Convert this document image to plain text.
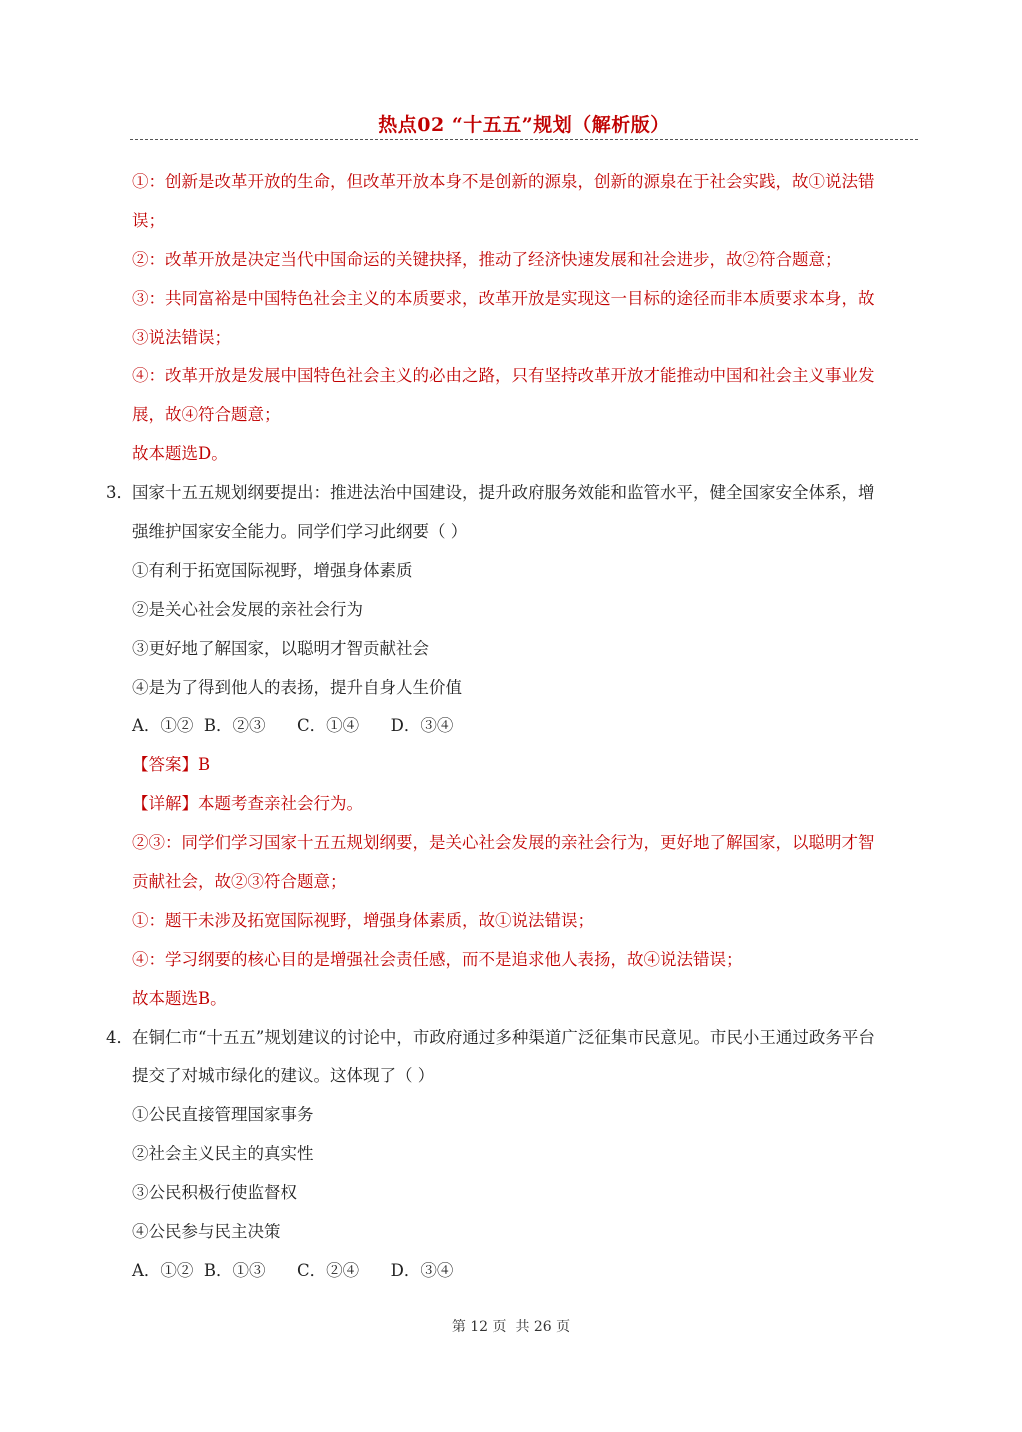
热点02 “十五五”规划（解析版）
①：创新是改革开放的生命，但改革开放本身不是创新的源泉，创新的源泉在于社会实践，故①说法错
误；
②：改革开放是决定当代中国命运的关键抉择，推动了经济快速发展和社会进步，故②符合题意；
③：共同富裕是中国特色社会主义的本质要求，改革开放是实现这一目标的途径而非本质要求本身，故
③说法错误；
④：改革开放是发展中国特色社会主义的必由之路，只有坚持改革开放才能推动中国和社会主义事业发
展，故④符合题意；
故本题选D。
3． 国家十五五规划纲要提出：推进法治中国建设，提升政府服务效能和监管水平，健全国家安全体系，增
强维护国家安全能力。同学们学习此纲要（ ）
①有利于拓宽国际视野，增强身体素质
②是关心社会发展的亲社会行为
③更好地了解国家，以聪明才智贡献社会
④是为了得到他人的表扬，提升自身人生价值
A．①②  B．②③      C．①④      D．③④
【答案】B
【详解】本题考查亲社会行为。
②③：同学们学习国家十五五规划纲要，是关心社会发展的亲社会行为，更好地了解国家，以聪明才智
贡献社会，故②③符合题意；
①：题干未涉及拓宽国际视野，增强身体素质，故①说法错误；
④：学习纲要的核心目的是增强社会责任感，而不是追求他人表扬，故④说法错误；
故本题选B。
4． 在铜仁市“十五五”规划建议的讨论中，市政府通过多种渠道广泛征集市民意见。市民小王通过政务平台
提交了对城市绿化的建议。这体现了（ ）
①公民直接管理国家事务
②社会主义民主的真实性
③公民积极行使监督权
④公民参与民主决策
A．①②  B．①③      C．②④      D．③④
第 12 页  共 26 页
